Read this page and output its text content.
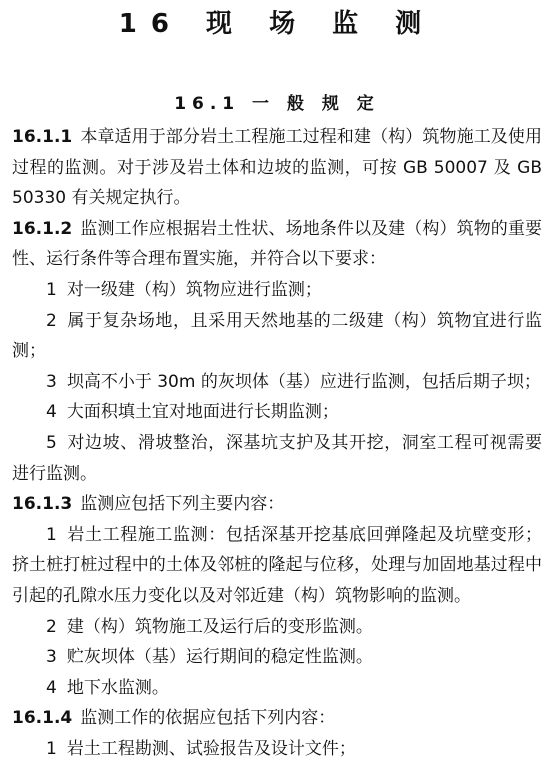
16 现 场 监 测
16.1 一 般 规 定

16.1.1 本章适用于部分岩土工程施工过程和建（构）筑物施工及使用过程的监测。对于涉及岩土体和边坡的监测，可按 GB 50007 及 GB 50330 有关规定执行。

16.1.2 监测工作应根据岩土性状、场地条件以及建（构）筑物的重要性、运行条件等合理布置实施，并符合以下要求：

1 对一级建（构）筑物应进行监测；

2 属于复杂场地，且采用天然地基的二级建（构）筑物宜进行监测；

3 坝高不小于 30m 的灰坝体（基）应进行监测，包括后期子坝；

4 大面积填土宜对地面进行长期监测；

5 对边坡、滑坡整治，深基坑支护及其开挖，洞室工程可视需要进行监测。

16.1.3 监测应包括下列主要内容：

1 岩土工程施工监测：包括深基开挖基底回弹隆起及坑壁变形；挤土桩打桩过程中的土体及邻桩的隆起与位移，处理与加固地基过程中引起的孔隙水压力变化以及对邻近建（构）筑物影响的监测。

2 建（构）筑物施工及运行后的变形监测。

3 贮灰坝体（基）运行期间的稳定性监测。

4 地下水监测。

16.1.4 监测工作的依据应包括下列内容：

1 岩土工程勘测、试验报告及设计文件；
